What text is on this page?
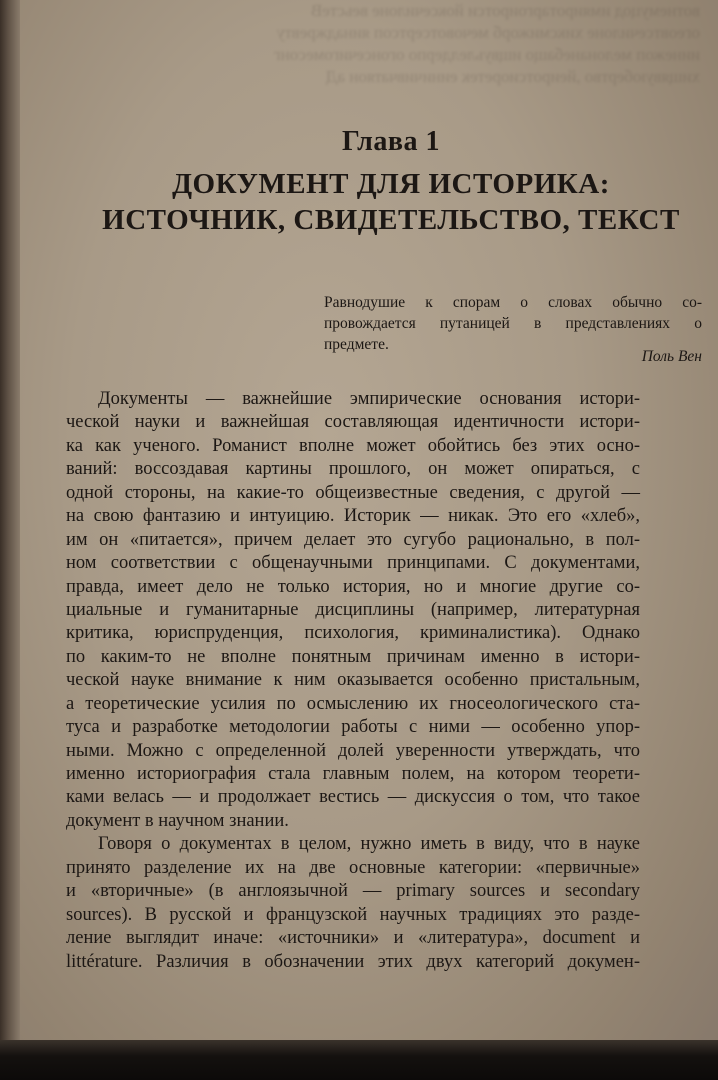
вотнемуцод имяиротаргоиротси йоксечилоне веьстеВ

огеовтсечилоне хиксмижорб мечовотсертсоп яинаджревту

иинежоп мелонанебащо ищвуьлелдерпо огонсечигомесонг

хищявуюбертво ,йеиротсиоретек еиничивчатяон аД

Глава 1
ДОКУМЕНТ ДЛЯ ИСТОРИКА:
ИСТОЧНИК, СВИДЕТЕЛЬСТВО, ТЕКСТ
Равнодушие к спорам о словах обычно со-
провождается путаницей в представлениях о
предмете.
Поль Вен
Документы — важнейшие эмпирические основания истори-
ческой науки и важнейшая составляющая идентичности истори-
ка как ученого. Романист вполне может обойтись без этих осно-
ваний: воссоздавая картины прошлого, он может опираться, с
одной стороны, на какие-то общеизвестные сведения, с другой —
на свою фантазию и интуицию. Историк — никак. Это его «хлеб»,
им он «питается», причем делает это сугубо рационально, в пол-
ном соответствии с общенаучными принципами. С документами,
правда, имеет дело не только история, но и многие другие со-
циальные и гуманитарные дисциплины (например, литературная
критика, юриспруденция, психология, криминалистика). Однако
по каким-то не вполне понятным причинам именно в истори-
ческой науке внимание к ним оказывается особенно пристальным,
а теоретические усилия по осмыслению их гносеологического ста-
туса и разработке методологии работы с ними — особенно упор-
ными. Можно с определенной долей уверенности утверждать, что
именно историография стала главным полем, на котором теорети-
ками велась — и продолжает вестись — дискуссия о том, что такое
документ в научном знании.
Говоря о документах в целом, нужно иметь в виду, что в науке
принято разделение их на две основные категории: «первичные»
и «вторичные» (в англоязычной — primary sources и secondary
sources). В русской и французской научных традициях это разде-
ление выглядит иначе: «источники» и «литература», document и
littérature. Различия в обозначении этих двух категорий докумен-
